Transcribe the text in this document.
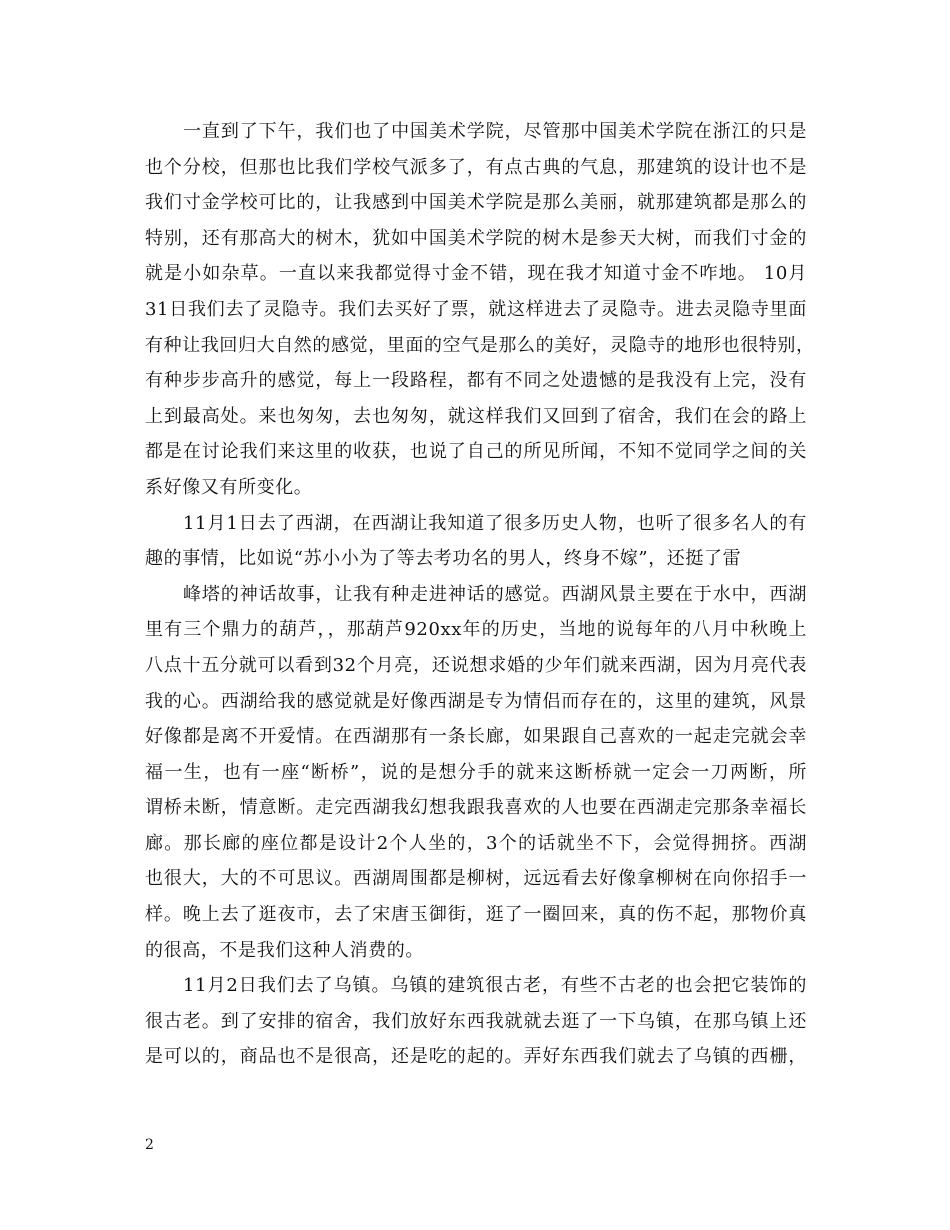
一直到了下午，我们也了中国美术学院，尽管那中国美术学院在浙江的只是
也个分校，但那也比我们学校气派多了，有点古典的气息，那建筑的设计也不是
我们寸金学校可比的，让我感到中国美术学院是那么美丽，就那建筑都是那么的
特别，还有那高大的树木，犹如中国美术学院的树木是参天大树，而我们寸金的
就是小如杂草。一直以来我都觉得寸金不错，现在我才知道寸金不咋地。 10月
31日我们去了灵隐寺。我们去买好了票，就这样进去了灵隐寺。进去灵隐寺里面
有种让我回归大自然的感觉，里面的空气是那么的美好，灵隐寺的地形也很特别，
有种步步高升的感觉，每上一段路程，都有不同之处遗憾的是我没有上完，没有
上到最高处。来也匆匆，去也匆匆，就这样我们又回到了宿舍，我们在会的路上
都是在讨论我们来这里的收获，也说了自己的所见所闻，不知不觉同学之间的关
系好像又有所变化。
11月1日去了西湖，在西湖让我知道了很多历史人物，也听了很多名人的有
趣的事情，比如说“苏小小为了等去考功名的男人，终身不嫁”，还挺了雷
峰塔的神话故事，让我有种走进神话的感觉。西湖风景主要在于水中，西湖
里有三个鼎力的葫芦，，那葫芦920xx年的历史，当地的说每年的八月中秋晚上
八点十五分就可以看到32个月亮，还说想求婚的少年们就来西湖，因为月亮代表
我的心。西湖给我的感觉就是好像西湖是专为情侣而存在的，这里的建筑，风景
好像都是离不开爱情。在西湖那有一条长廊，如果跟自己喜欢的一起走完就会幸
福一生，也有一座“断桥”，说的是想分手的就来这断桥就一定会一刀两断，所
谓桥未断，情意断。走完西湖我幻想我跟我喜欢的人也要在西湖走完那条幸福长
廊。那长廊的座位都是设计2个人坐的，3个的话就坐不下，会觉得拥挤。西湖
也很大，大的不可思议。西湖周围都是柳树，远远看去好像拿柳树在向你招手一
样。晚上去了逛夜市，去了宋唐玉御街，逛了一圈回来，真的伤不起，那物价真
的很高，不是我们这种人消费的。
11月2日我们去了乌镇。乌镇的建筑很古老，有些不古老的也会把它装饰的
很古老。到了安排的宿舍，我们放好东西我就就去逛了一下乌镇，在那乌镇上还
是可以的，商品也不是很高，还是吃的起的。弄好东西我们就去了乌镇的西栅，
2
